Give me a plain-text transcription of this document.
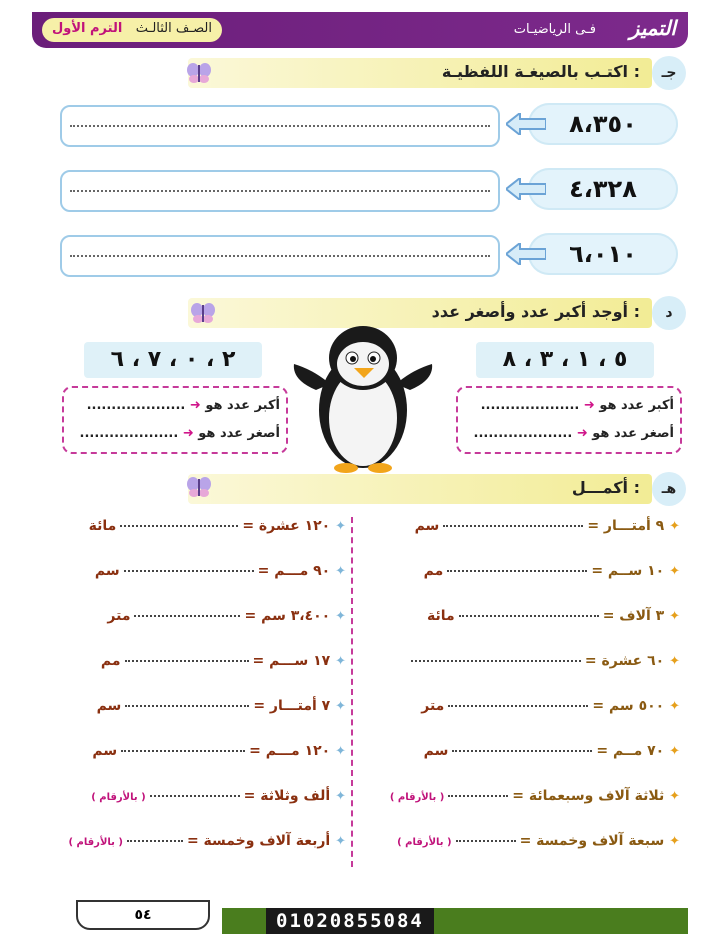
التميز
فـى الرياضيـات
الصـف الثالـث
الترم الأول
اكتـب بالصيغـة اللفظيـة :	جـ
٨،٣٥٠
٤،٣٢٨
٦،٠١٠
أوجد أكبر عدد وأصغر عدد :	د
٥ ، ١ ، ٣ ، ٨
٢ ، ٠ ، ٧ ، ٦
أكبر عدد هو ➜ ....................
أصغر عدد هو ➜ ....................
أكبر عدد هو ➜ ....................
أصغر عدد هو ➜ ....................
أكمـــل :	هـ
✦ ٩ أمتـــار =سم
✦ ١٠ ســم =مم
✦ ٣ آلاف =مائة
✦ ٦٠ عشرة =
✦ ٥٠٠ سم =متر
✦ ٧٠ مــم =سم
✦ ثلاثة آلاف وسبعمائة =( بالأرقام )
✦ سبعة آلاف وخمسة =( بالأرقام )
✦ ١٢٠ عشرة =مائة
✦ ٩٠ مـــم =سم
✦ ٣،٤٠٠ سم =متر
✦ ١٧ ســـم =مم
✦ ٧ أمتـــار =سم
✦ ١٢٠ مـــم =سم
✦ ألف وثلاثة =( بالأرقام )
✦ أربعة آلاف وخمسة =( بالأرقام )
01020855084
٥٤
